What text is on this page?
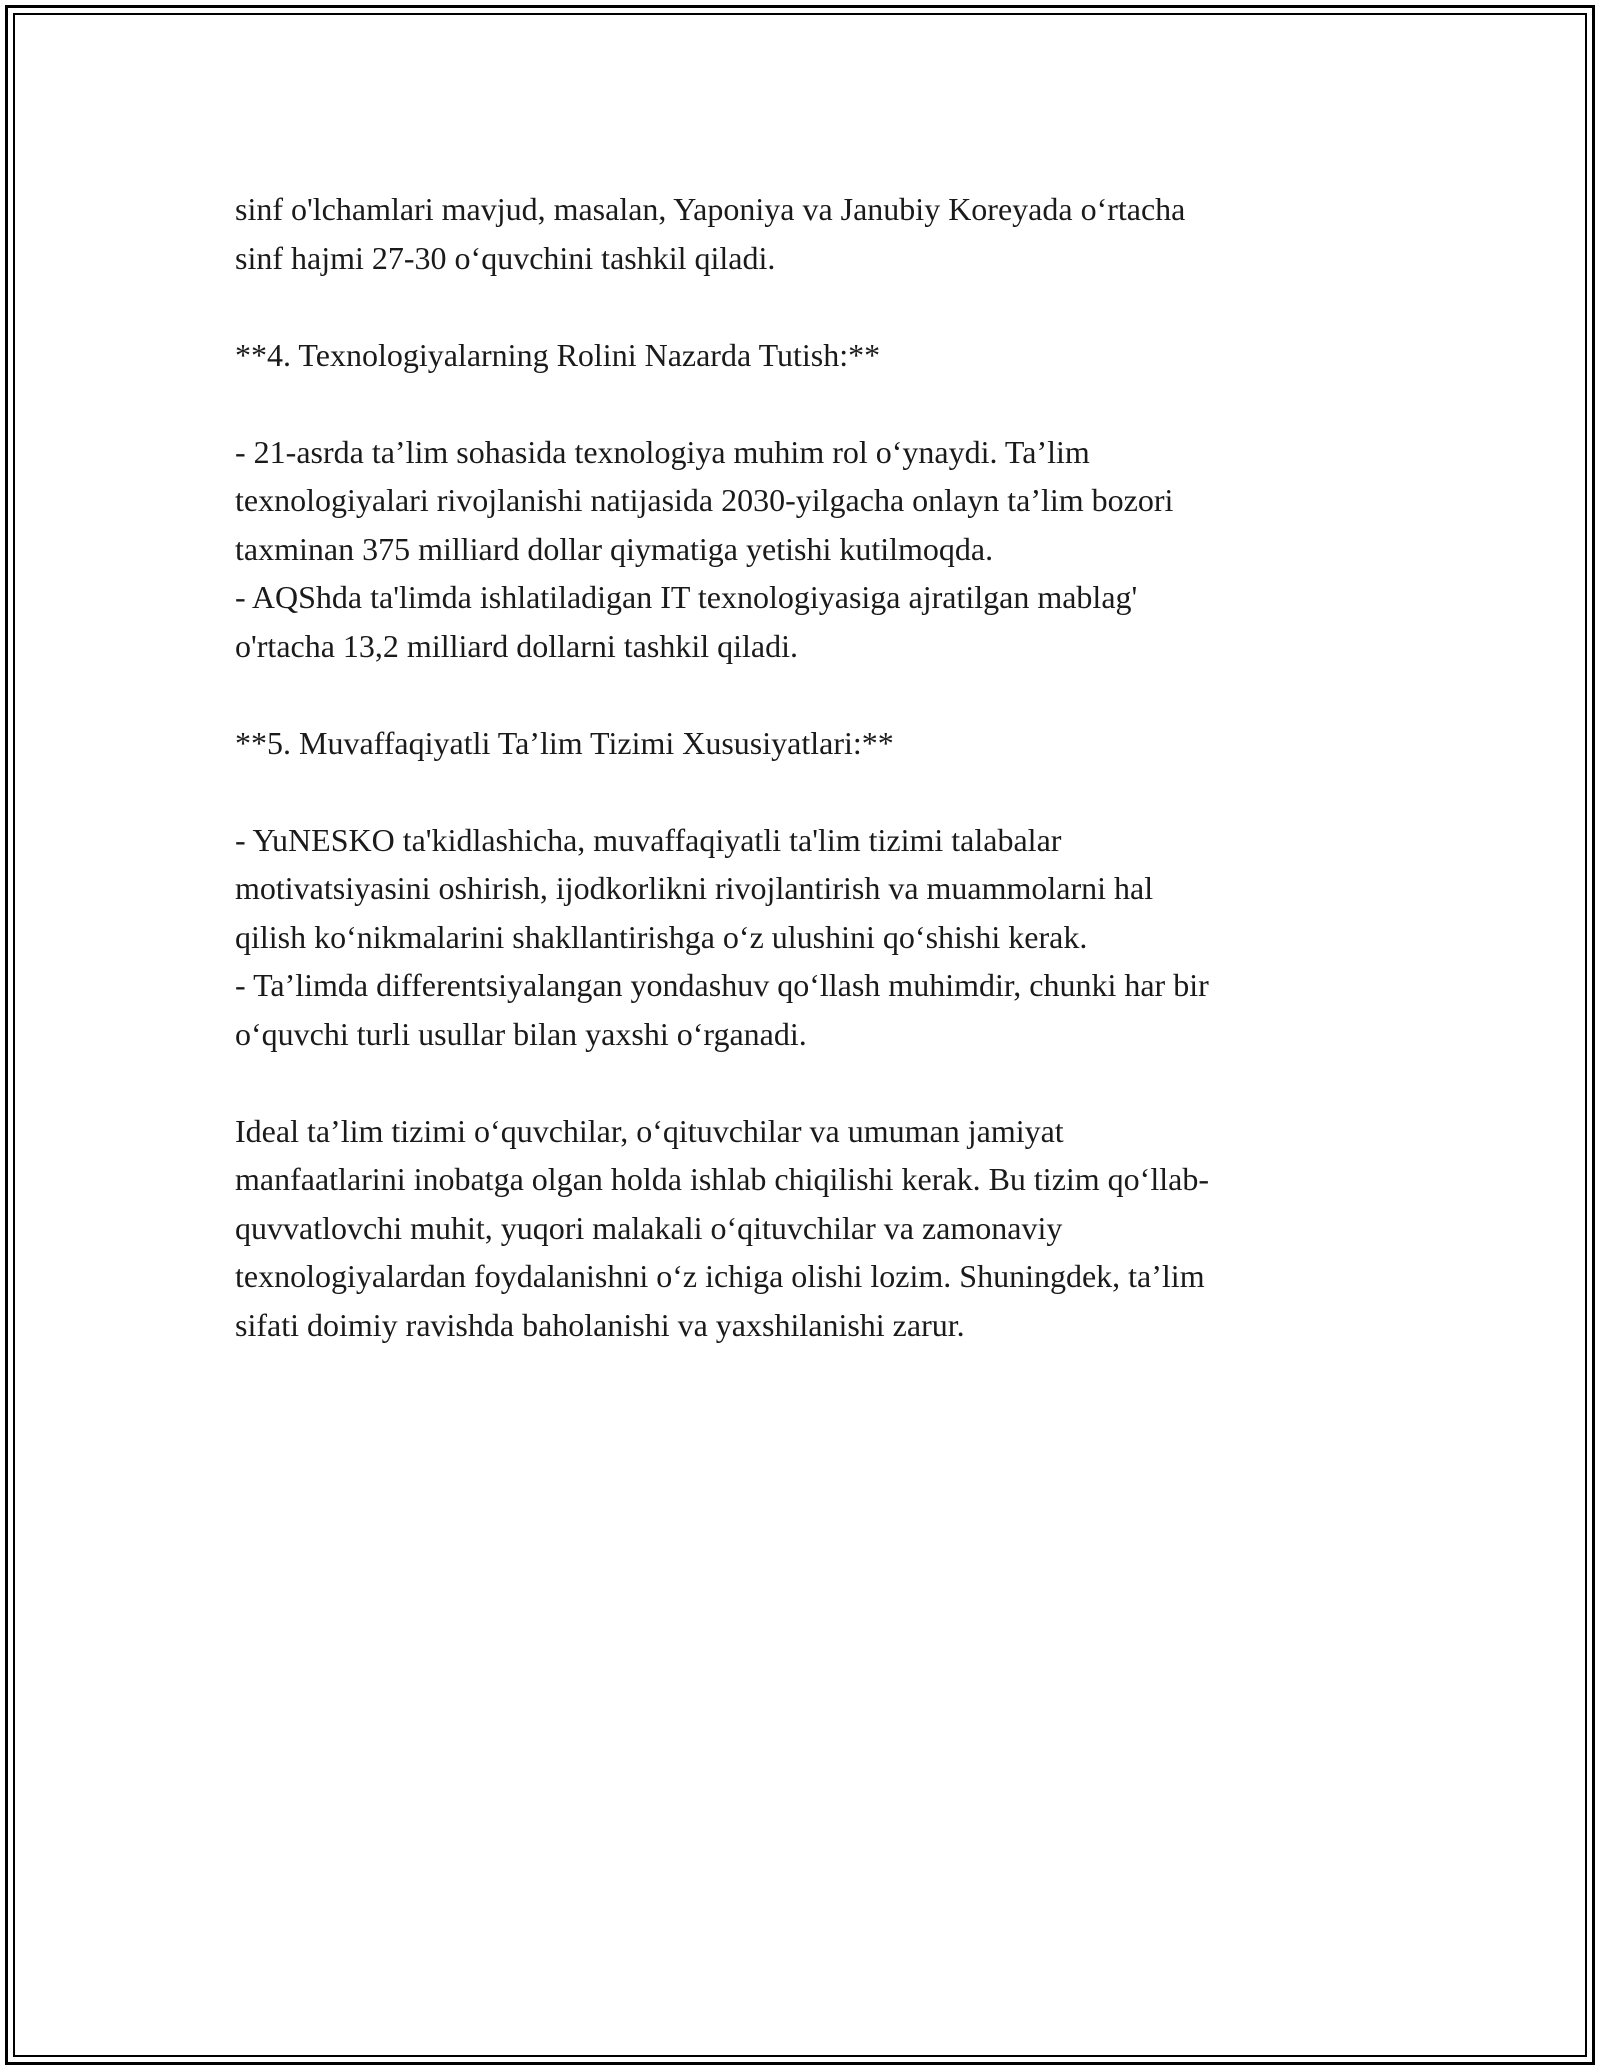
sinf o'lchamlari mavjud, masalan, Yaponiya va Janubiy Koreyada o‘rtacha

sinf hajmi 27-30 o‘quvchini tashkil qiladi.

**4. Texnologiyalarning Rolini Nazarda Tutish:**

- 21-asrda ta’lim sohasida texnologiya muhim rol o‘ynaydi. Ta’lim

texnologiyalari rivojlanishi natijasida 2030-yilgacha onlayn ta’lim bozori

taxminan 375 milliard dollar qiymatiga yetishi kutilmoqda.

- AQShda ta'limda ishlatiladigan IT texnologiyasiga ajratilgan mablag'

o'rtacha 13,2 milliard dollarni tashkil qiladi.

**5. Muvaffaqiyatli Ta’lim Tizimi Xususiyatlari:**

- YuNESKO ta'kidlashicha, muvaffaqiyatli ta'lim tizimi talabalar

motivatsiyasini oshirish, ijodkorlikni rivojlantirish va muammolarni hal

qilish ko‘nikmalarini shakllantirishga o‘z ulushini qo‘shishi kerak.

- Ta’limda differentsiyalangan yondashuv qo‘llash muhimdir, chunki har bir

o‘quvchi turli usullar bilan yaxshi o‘rganadi.

Ideal ta’lim tizimi o‘quvchilar, o‘qituvchilar va umuman jamiyat

manfaatlarini inobatga olgan holda ishlab chiqilishi kerak. Bu tizim qo‘llab-

quvvatlovchi muhit, yuqori malakali o‘qituvchilar va zamonaviy

texnologiyalardan foydalanishni o‘z ichiga olishi lozim. Shuningdek, ta’lim

sifati doimiy ravishda baholanishi va yaxshilanishi zarur.
